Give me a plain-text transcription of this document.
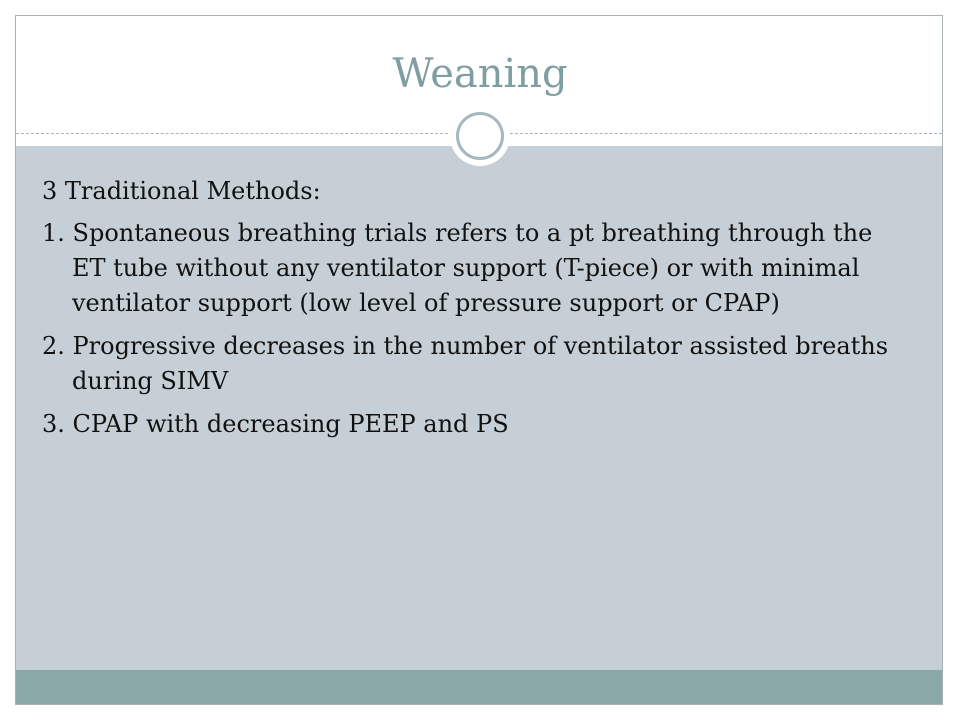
Weaning

3 Traditional Methods:

1. Spontaneous breathing trials refers to a pt breathing through the ET tube without any ventilator support (T-piece) or with minimal ventilator support (low level of pressure support or CPAP)

2. Progressive decreases in the number of ventilator assisted breaths during SIMV

3. CPAP with decreasing PEEP and PS
